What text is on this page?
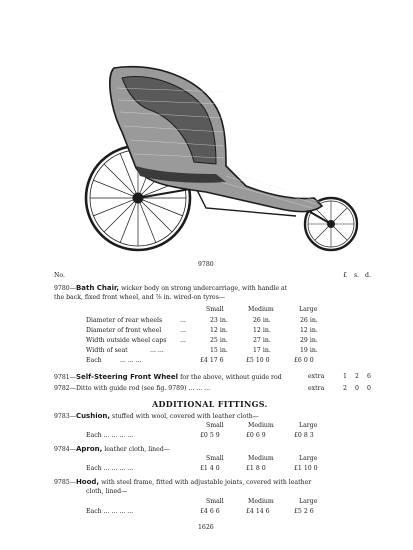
9780
No.	£ s. d.
9780—Bath Chair, wicker body on strong undercarriage, with handle at
the back, fixed front wheel, and ⅞ in. wired-on tyres—
Small	Medium	Large
Diameter of rear wheels	...	23 in.	26 in.	26 in.
Diameter of front wheel	...	12 in.	12 in.	12 in.
Width outside wheel caps ...	25 in.	27 in.	29 in.
Width of seat	... ...	15 in.	17 in.	19 in.
Each	... ... ...	£4 17 6	£5 10 0	£6 0 0
9781—Self-Steering Front Wheel for the above, without guide rod	extra	1 2 6
9782—Ditto with guide rod (see fig. 9789) ... ... ...	extra	2 0 0
ADDITIONAL FITTINGS.
9783—Cushion, stuffed with wool, covered with leather cloth—
Small	Medium	Large
Each ... ... ... ...	£0 5 9	£0 6 9	£0 8 3
9784—Apron, leather cloth, lined—
Small	Medium	Large
Each ... ... ... ...	£1 4 0	£1 8 0	£1 10 0
9785—Hood, with steel frame, fitted with adjustable joints, covered with leather
cloth, lined—
Small	Medium	Large
Each ... ... ... ...	£4 6 6	£4 14 6	£5 2 6
1626
